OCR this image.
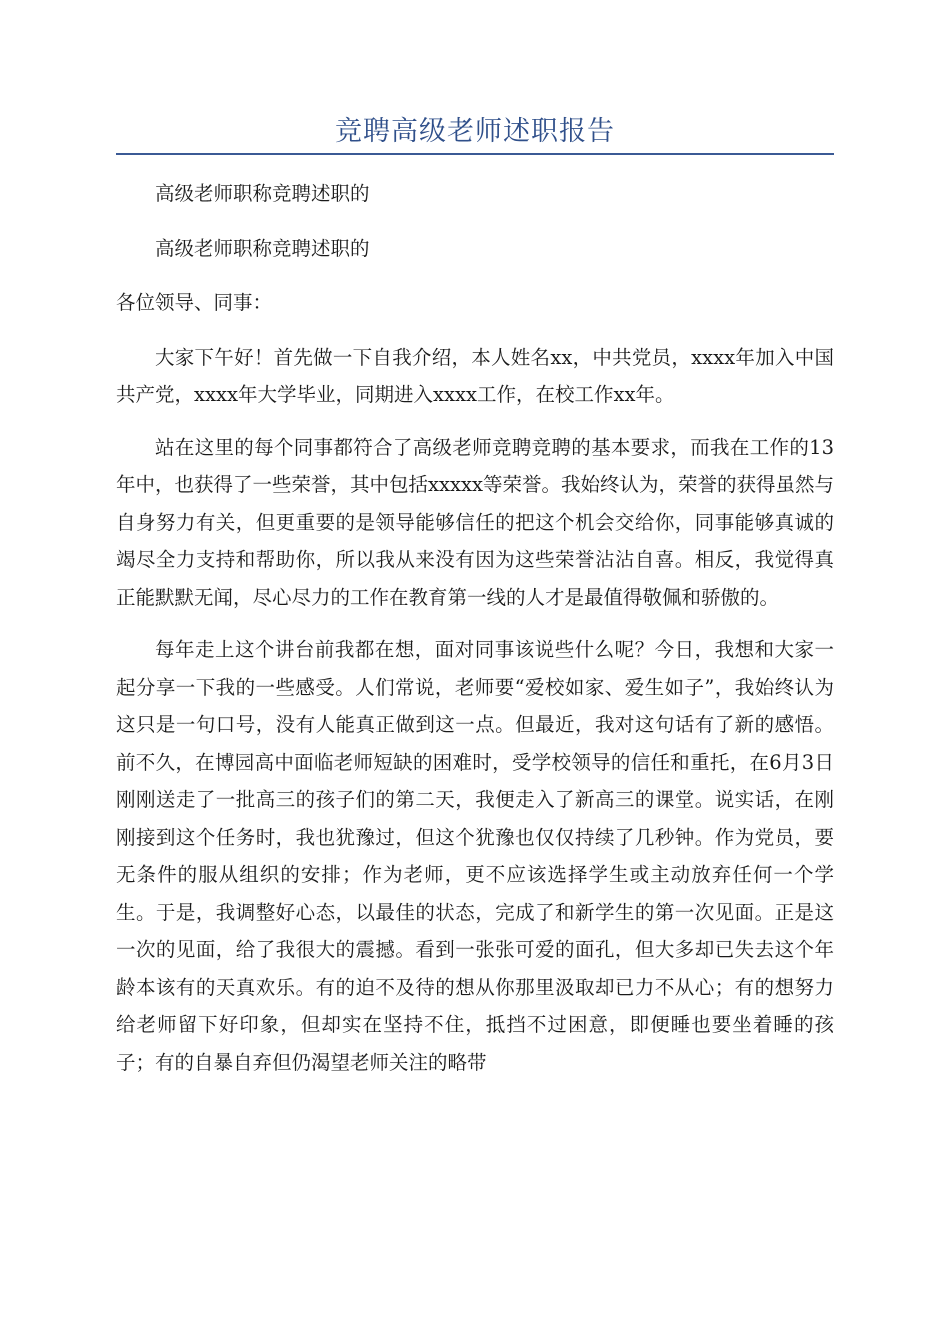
竞聘高级老师述职报告

高级老师职称竞聘述职的

高级老师职称竞聘述职的

各位领导、同事：

大家下午好！首先做一下自我介绍，本人姓名xx，中共党员，xxxx年加入中国共产党，xxxx年大学毕业，同期进入xxxx工作，在校工作xx年。

站在这里的每个同事都符合了高级老师竞聘竞聘的基本要求，而我在工作的13年中，也获得了一些荣誉，其中包括xxxxx等荣誉。我始终认为，荣誉的获得虽然与自身努力有关，但更重要的是领导能够信任的把这个机会交给你，同事能够真诚的竭尽全力支持和帮助你，所以我从来没有因为这些荣誉沾沾自喜。相反，我觉得真正能默默无闻，尽心尽力的工作在教育第一线的人才是最值得敬佩和骄傲的。

每年走上这个讲台前我都在想，面对同事该说些什么呢？今日，我想和大家一起分享一下我的一些感受。人们常说，老师要“爱校如家、爱生如子”，我始终认为这只是一句口号，没有人能真正做到这一点。但最近，我对这句话有了新的感悟。前不久，在博园高中面临老师短缺的困难时，受学校领导的信任和重托，在6月3日刚刚送走了一批高三的孩子们的第二天，我便走入了新高三的课堂。说实话，在刚刚接到这个任务时，我也犹豫过，但这个犹豫也仅仅持续了几秒钟。作为党员，要无条件的服从组织的安排；作为老师，更不应该选择学生或主动放弃任何一个学生。于是，我调整好心态，以最佳的状态，完成了和新学生的第一次见面。正是这一次的见面，给了我很大的震撼。看到一张张可爱的面孔，但大多却已失去这个年龄本该有的天真欢乐。有的迫不及待的想从你那里汲取却已力不从心；有的想努力给老师留下好印象，但却实在坚持不住，抵挡不过困意，即便睡也要坐着睡的孩子；有的自暴自弃但仍渴望老师关注的略带
